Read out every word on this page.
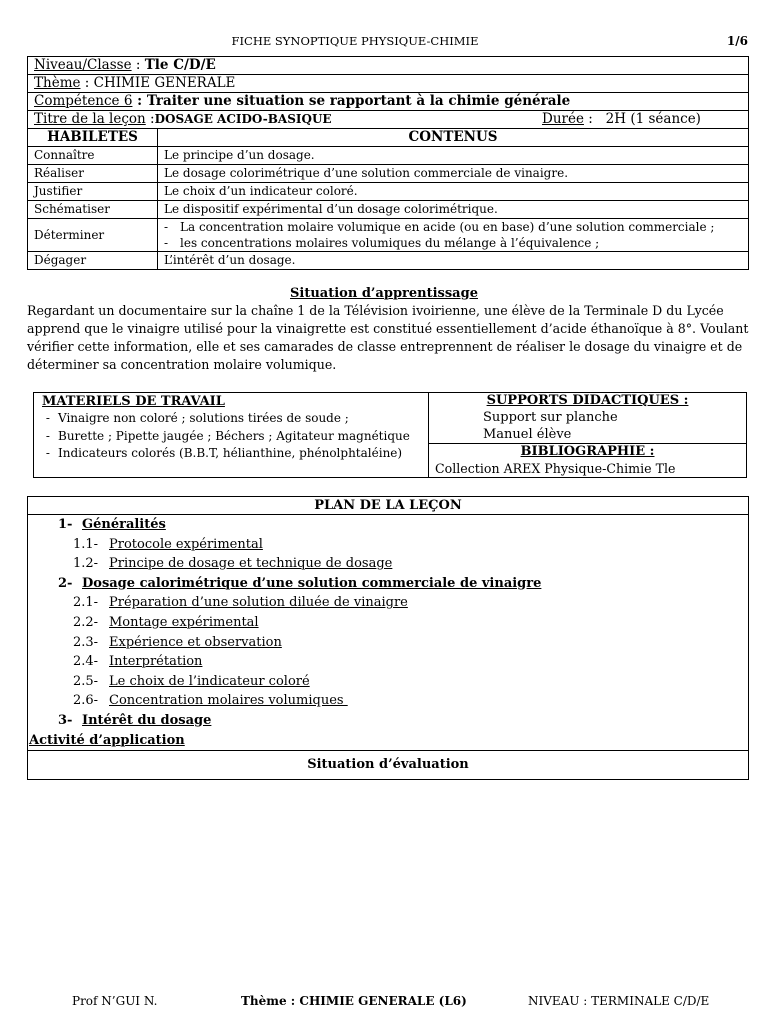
FICHE SYNOPTIQUE PHYSIQUE-CHIMIE	1/6
Niveau/Classe : Tle C/D/E	
Thème : CHIMIE GENERALE	
Compétence 6 : Traiter une situation se rapportant à la chimie générale	
Titre de la leçon :DOSAGE ACIDO-BASIQUE Durée :   2H (1 séance)	

HABILETES	CONTENUS
Connaître	Le principe d’un dosage.
Réaliser	Le dosage colorimétrique d’une solution commerciale de vinaigre.
Justifier	Le choix d’un indicateur coloré.
Schématiser	Le dispositif expérimental d’un dosage colorimétrique.
Déterminer	- La concentration molaire volumique en acide (ou en base) d’une solution commerciale ;
- les concentrations molaires volumiques du mélange à l’équivalence ;

Dégager	L’intérêt d’un dosage.
Situation d’apprentissage
Regardant un documentaire sur la chaîne 1 de la Télévision ivoirienne, une élève de la Terminale D du Lycée apprend que le vinaigre utilisé pour la vinaigrette est constitué essentiellement d’acide éthanoïque à 8°. Voulant vérifier cette information, elle et ses camarades de classe entreprennent de réaliser le dosage du vinaigre et de déterminer sa concentration molaire volumique.
MATERIELS DE TRAVAIL
- Vinaigre non coloré ; solutions tirées de soude ;
- Burette ; Pipette jaugée ; Béchers ; Agitateur magnétique
- Indicateurs colorés (B.B.T, hélianthine, phénolphtaléine)

SUPPORTS DIDACTIQUES :
Support sur planche
Manuel élève

BIBLIOGRAPHIE :
Collection AREX Physique-Chimie Tle
PLAN DE LA LEÇON

1- Généralités
1.1- Protocole expérimental
1.2- Principe de dosage et technique de dosage
2- Dosage calorimétrique d’une solution commerciale de vinaigre
2.1- Préparation d’une solution diluée de vinaigre
2.2- Montage expérimental
2.3- Expérience et observation
2.4- Interprétation
2.5- Le choix de l’indicateur coloré
2.6- Concentration molaires volumiques
3- Intérêt du dosage
Activité d’application

Situation d’évaluation
Prof N’GUI N.	Thème : CHIMIE GENERALE (L6)	NIVEAU : TERMINALE C/D/E
